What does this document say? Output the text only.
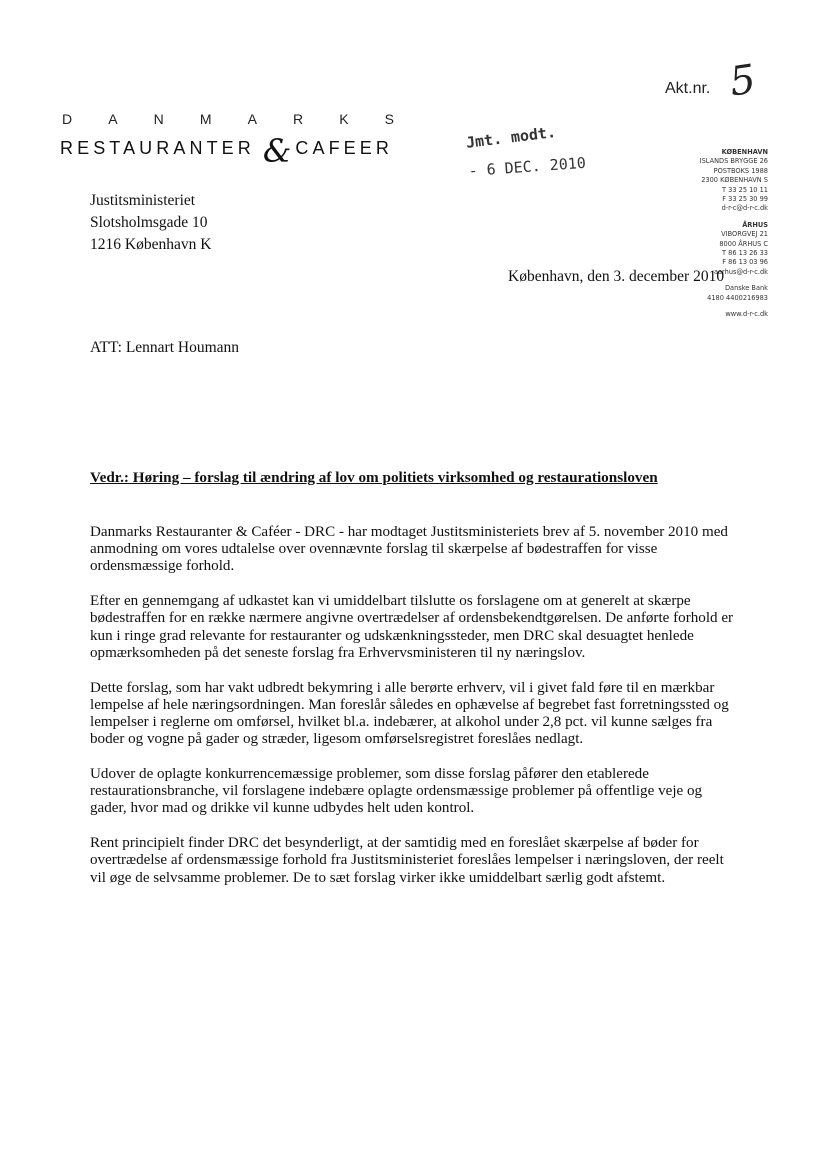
Akt.nr. 5
D	A	N	M	A	R	K	S
RESTAURANTER & CAFEER	Jmt. modt.
- 6 DEC. 2010
KØBENHAVN
ISLANDS BRYGGE 26
POSTBOKS 1988
2300 KØBENHAVN S
T 33 25 10 11
F 33 25 30 99
d-r-c@d-r-c.dk
ÅRHUS
VIBORGVEJ 21
8000 ÅRHUS C
T 86 13 26 33
F 86 13 03 96
aarhus@d-r-c.dk
Danske Bank
4180 4400216983
www.d-r-c.dk
Justitsministeriet
Slotsholmsgade 10
1216 København K
København, den 3. december 2010
ATT: Lennart Houmann
Vedr.: Høring – forslag til ændring af lov om politiets virksomhed og restaurationsloven

Danmarks Restauranter & Caféer - DRC - har modtaget Justitsministeriets brev af 5. november 2010 med anmodning om vores udtalelse over ovennævnte forslag til skærpelse af bødestraffen for visse ordensmæssige forhold.

Efter en gennemgang af udkastet kan vi umiddelbart tilslutte os forslagene om at generelt at skærpe bødestraffen for en række nærmere angivne overtrædelser af ordensbekendtgørelsen. De anførte forhold er kun i ringe grad relevante for restauranter og udskænkningssteder, men DRC skal desuagtet henlede opmærksomheden på det seneste forslag fra Erhvervsministeren til ny næringslov.

Dette forslag, som har vakt udbredt bekymring i alle berørte erhverv, vil i givet fald føre til en mærkbar lempelse af hele næringsordningen. Man foreslår således en ophævelse af begrebet fast forretningssted og lempelser i reglerne om omførsel, hvilket bl.a. indebærer, at alkohol under 2,8 pct. vil kunne sælges fra boder og vogne på gader og stræder, ligesom omførselsregistret foreslåes nedlagt.

Udover de oplagte konkurrencemæssige problemer, som disse forslag påfører den etablerede restaurationsbranche, vil forslagene indebære oplagte ordensmæssige problemer på offentlige veje og gader, hvor mad og drikke vil kunne udbydes helt uden kontrol.

Rent principielt finder DRC det besynderligt, at der samtidig med en foreslået skærpelse af bøder for overtrædelse af ordensmæssige forhold fra Justitsministeriet foreslåes lempelser i næringsloven, der reelt vil øge de selvsamme problemer. De to sæt forslag virker ikke umiddelbart særlig godt afstemt.
